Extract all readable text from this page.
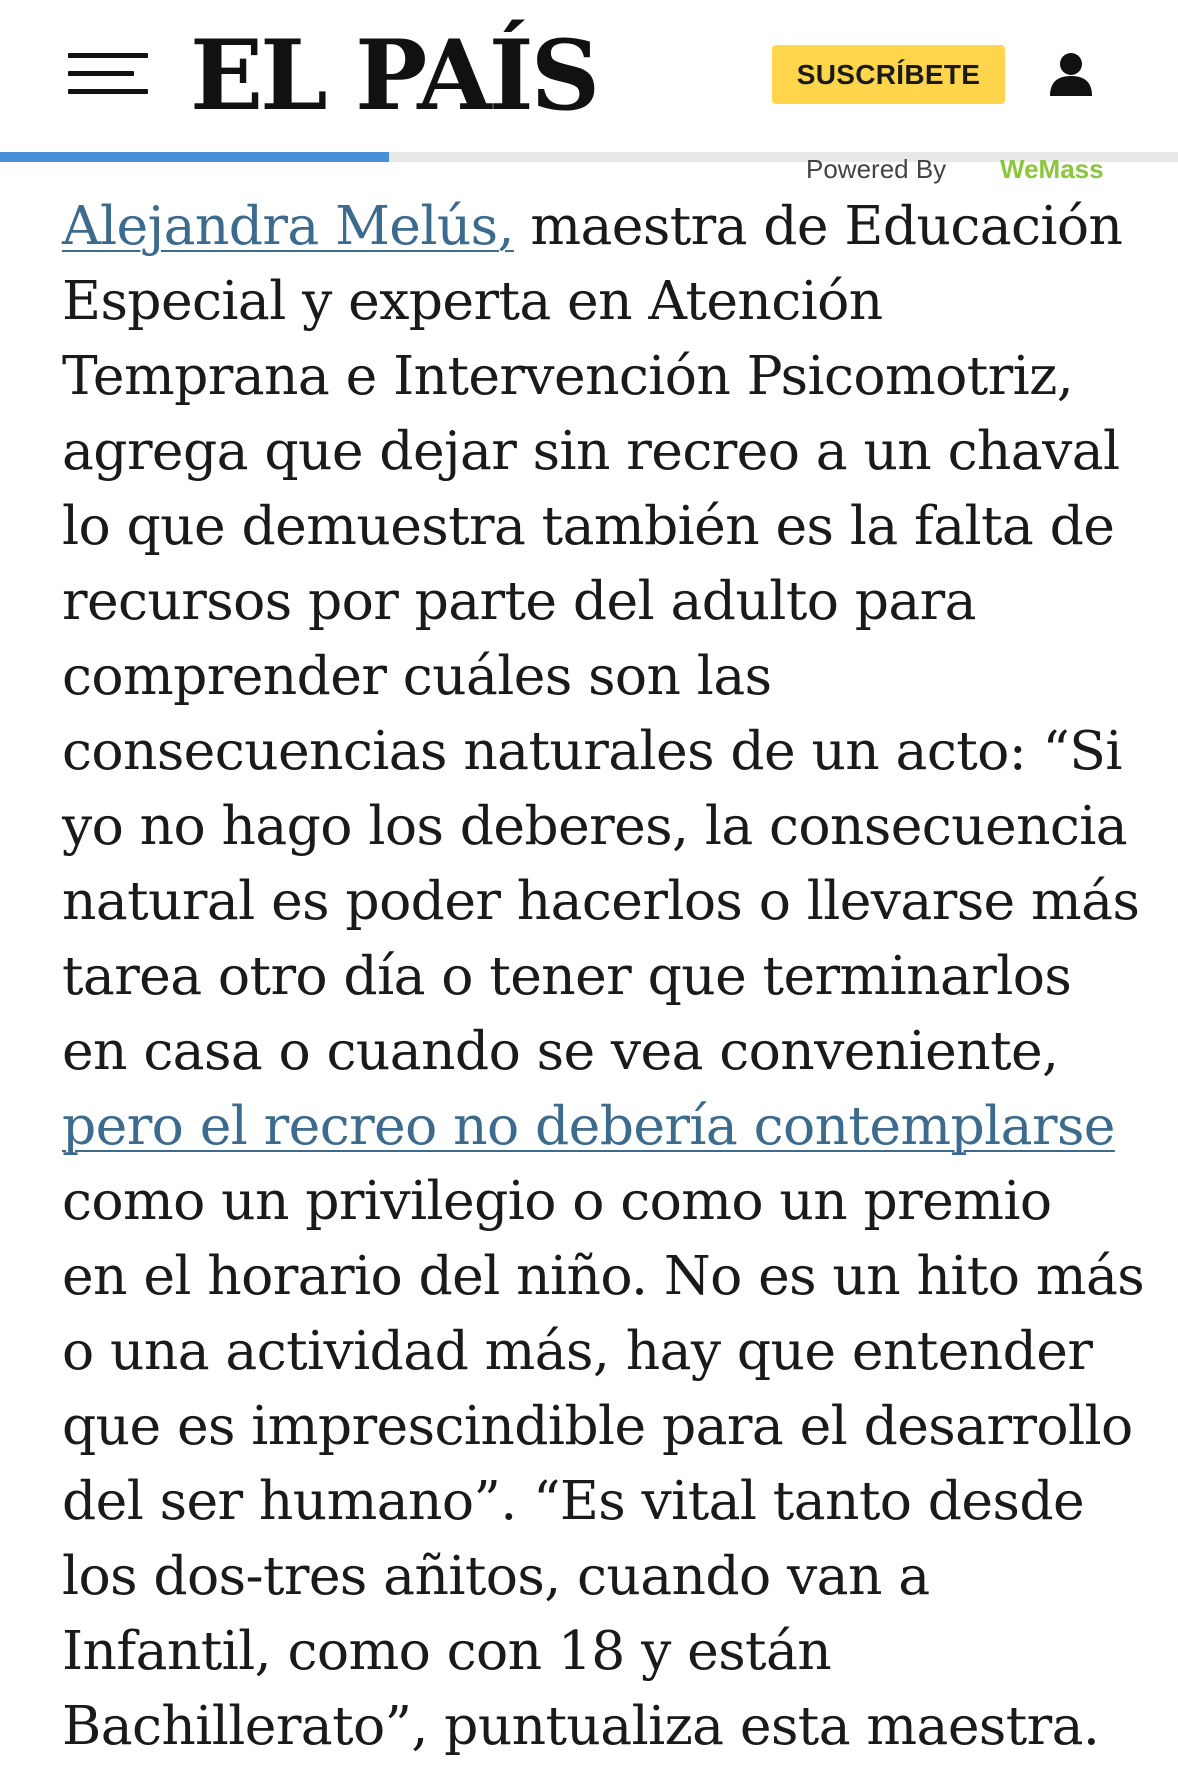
EL PAÍS	SUSCRÍBETE
Powered By WeMass
Alejandra Melús, maestra de Educación
Especial y experta en Atención
Temprana e Intervención Psicomotriz,
agrega que dejar sin recreo a un chaval
lo que demuestra también es la falta de
recursos por parte del adulto para
comprender cuáles son las
consecuencias naturales de un acto: “Si
yo no hago los deberes, la consecuencia
natural es poder hacerlos o llevarse más
tarea otro día o tener que terminarlos
en casa o cuando se vea conveniente,
pero el recreo no debería contemplarse
como un privilegio o como un premio
en el horario del niño. No es un hito más
o una actividad más, hay que entender
que es imprescindible para el desarrollo
del ser humano”. “Es vital tanto desde
los dos-tres añitos, cuando van a
Infantil, como con 18 y están
Bachillerato”, puntualiza esta maestra.
